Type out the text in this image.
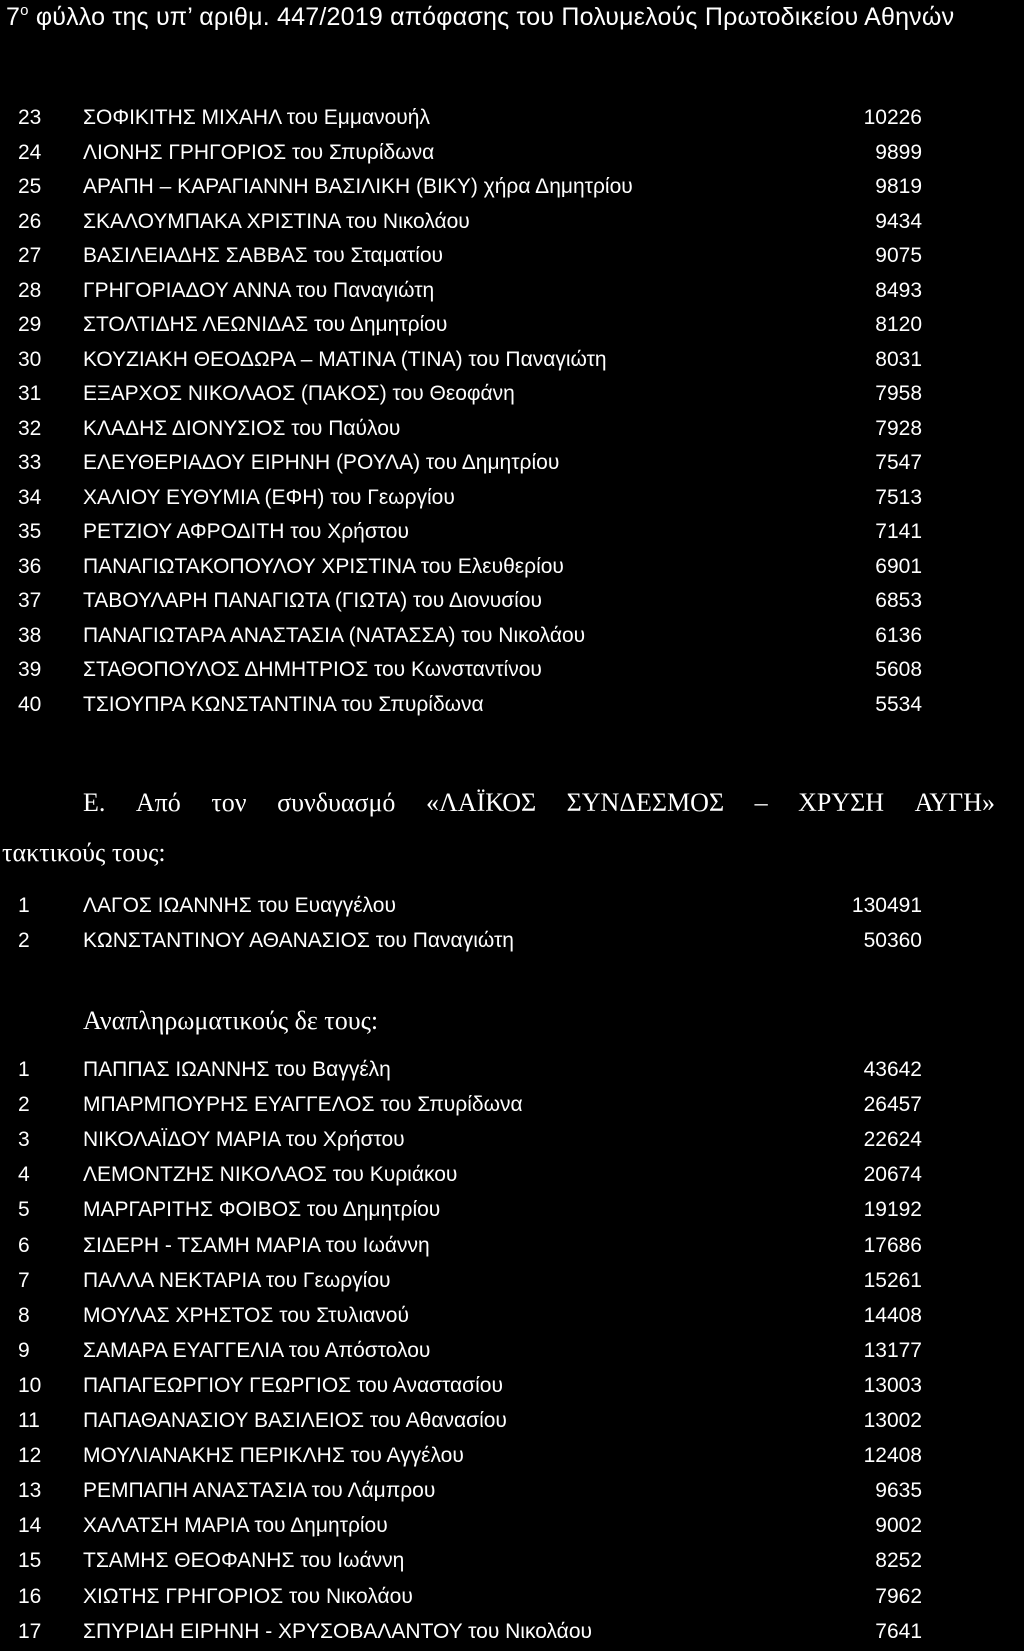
$7^o$ φύλλο της υπ’ αριθμ. 447/2019 απόφασης του Πολυμελούς Πρωτοδικείου Αθηνών
23	ΣΟΦΙΚΙΤΗΣ ΜΙΧΑΗΛ του Εμμανουήλ	10226
24	ΛΙΟΝΗΣ ΓΡΗΓΟΡΙΟΣ του Σπυρίδωνα	9899
25	ΑΡΑΠΗ – ΚΑΡΑΓΙΑΝΝΗ ΒΑΣΙΛΙΚΗ (ΒΙΚΥ) χήρα Δημητρίου	9819
26	ΣΚΑΛΟΥΜΠΑΚΑ ΧΡΙΣΤΙΝΑ του Νικολάου	9434
27	ΒΑΣΙΛΕΙΑΔΗΣ ΣΑΒΒΑΣ του Σταματίου	9075
28	ΓΡΗΓΟΡΙΑΔΟΥ ΑΝΝΑ του Παναγιώτη	8493
29	ΣΤΟΛΤΙΔΗΣ ΛΕΩΝΙΔΑΣ του Δημητρίου	8120
30	ΚΟΥΖΙΑΚΗ ΘΕΟΔΩΡΑ – ΜΑΤΙΝΑ (ΤΙΝΑ) του Παναγιώτη	8031
31	ΕΞΑΡΧΟΣ ΝΙΚΟΛΑΟΣ (ΠΑΚΟΣ) του Θεοφάνη	7958
32	ΚΛΑΔΗΣ ΔΙΟΝΥΣΙΟΣ του Παύλου	7928
33	ΕΛΕΥΘΕΡΙΑΔΟΥ ΕΙΡΗΝΗ (ΡΟΥΛΑ) του Δημητρίου	7547
34	ΧΑΛΙΟΥ ΕΥΘΥΜΙΑ (ΕΦΗ) του Γεωργίου	7513
35	ΡΕΤΖΙΟΥ ΑΦΡΟΔΙΤΗ του Χρήστου	7141
36	ΠΑΝΑΓΙΩΤΑΚΟΠΟΥΛΟΥ ΧΡΙΣΤΙΝΑ του Ελευθερίου	6901
37	ΤΑΒΟΥΛΑΡΗ ΠΑΝΑΓΙΩΤΑ (ΓΙΩΤΑ) του Διονυσίου	6853
38	ΠΑΝΑΓΙΩΤΑΡΑ ΑΝΑΣΤΑΣΙΑ (ΝΑΤΑΣΣΑ) του Νικολάου	6136
39	ΣΤΑΘΟΠΟΥΛΟΣ ΔΗΜΗΤΡΙΟΣ του Κωνσταντίνου	5608
40	ΤΣΙΟΥΠΡΑ ΚΩΝΣΤΑΝΤΙΝΑ του Σπυρίδωνα	5534
Ε. Από τον συνδυασμό «ΛΑΪΚΟΣ ΣΥΝΔΕΣΜΟΣ – ΧΡΥΣΗ ΑΥΓΗ»
τακτικούς τους:
1	ΛΑΓΟΣ ΙΩΑΝΝΗΣ του Ευαγγέλου	130491
2	ΚΩΝΣΤΑΝΤΙΝΟΥ ΑΘΑΝΑΣΙΟΣ του Παναγιώτη	50360
Αναπληρωματικούς δε τους:
1	ΠΑΠΠΑΣ ΙΩΑΝΝΗΣ του Βαγγέλη	43642
2	ΜΠΑΡΜΠΟΥΡΗΣ ΕΥΑΓΓΕΛΟΣ του Σπυρίδωνα	26457
3	ΝΙΚΟΛΑΪΔΟΥ ΜΑΡΙΑ του Χρήστου	22624
4	ΛΕΜΟΝΤΖΗΣ ΝΙΚΟΛΑΟΣ του Κυριάκου	20674
5	ΜΑΡΓΑΡΙΤΗΣ ΦΟΙΒΟΣ του Δημητρίου	19192
6	ΣΙΔΕΡΗ - ΤΣΑΜΗ ΜΑΡΙΑ του Ιωάννη	17686
7	ΠΑΛΛΑ ΝΕΚΤΑΡΙΑ του Γεωργίου	15261
8	ΜΟΥΛΑΣ ΧΡΗΣΤΟΣ του Στυλιανού	14408
9	ΣΑΜΑΡΑ ΕΥΑΓΓΕΛΙΑ του Απόστολου	13177
10	ΠΑΠΑΓΕΩΡΓΙΟΥ ΓΕΩΡΓΙΟΣ του Αναστασίου	13003
11	ΠΑΠΑΘΑΝΑΣΙΟΥ ΒΑΣΙΛΕΙΟΣ του Αθανασίου	13002
12	ΜΟΥΛΙΑΝΑΚΗΣ ΠΕΡΙΚΛΗΣ του Αγγέλου	12408
13	ΡΕΜΠΑΠΗ ΑΝΑΣΤΑΣΙΑ του Λάμπρου	9635
14	ΧΑΛΑΤΣΗ ΜΑΡΙΑ του Δημητρίου	9002
15	ΤΣΑΜΗΣ ΘΕΟΦΑΝΗΣ του Ιωάννη	8252
16	ΧΙΩΤΗΣ ΓΡΗΓΟΡΙΟΣ του Νικολάου	7962
17	ΣΠΥΡΙΔΗ ΕΙΡΗΝΗ - ΧΡΥΣΟΒΑΛΑΝΤΟΥ του Νικολάου	7641
